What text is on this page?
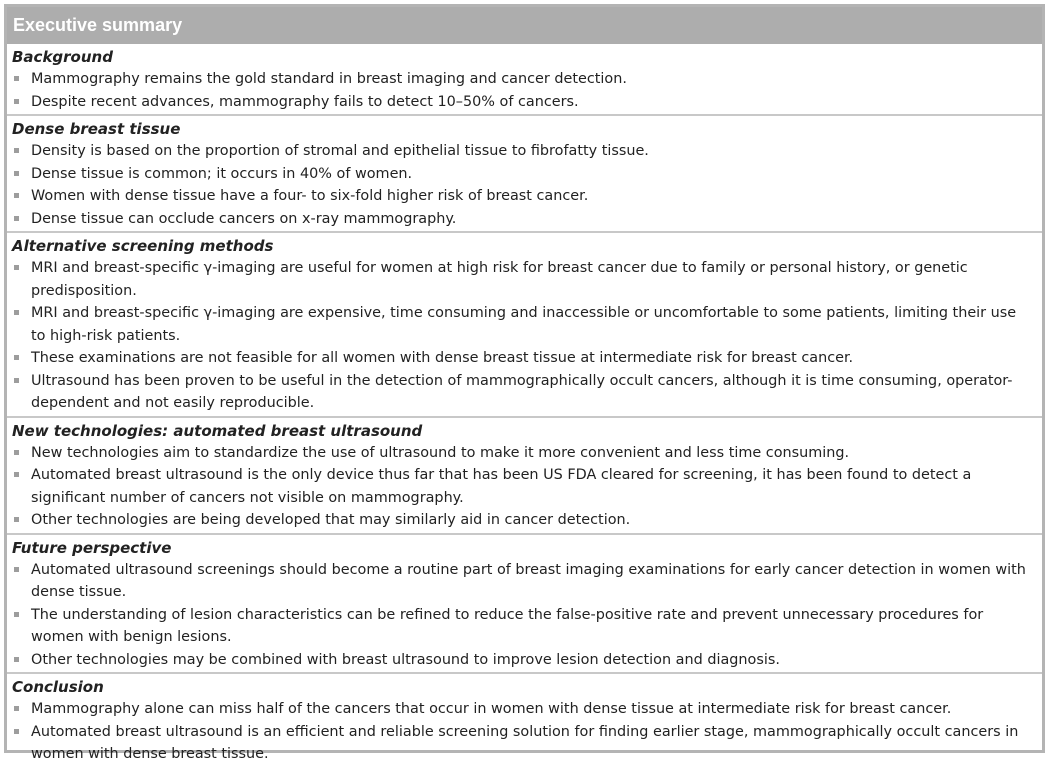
Executive summary
Background
Mammography remains the gold standard in breast imaging and cancer detection.
Despite recent advances, mammography fails to detect 10–50% of cancers.
Dense breast tissue
Density is based on the proportion of stromal and epithelial tissue to fibrofatty tissue.
Dense tissue is common; it occurs in 40% of women.
Women with dense tissue have a four- to six-fold higher risk of breast cancer.
Dense tissue can occlude cancers on x-ray mammography.
Alternative screening methods
MRI and breast-specific γ-imaging are useful for women at high risk for breast cancer due to family or personal history, or genetic predisposition.
MRI and breast-specific γ-imaging are expensive, time consuming and inaccessible or uncomfortable to some patients, limiting their use to high-risk patients.
These examinations are not feasible for all women with dense breast tissue at intermediate risk for breast cancer.
Ultrasound has been proven to be useful in the detection of mammographically occult cancers, although it is time consuming, operator-dependent and not easily reproducible.
New technologies: automated breast ultrasound
New technologies aim to standardize the use of ultrasound to make it more convenient and less time consuming.
Automated breast ultrasound is the only device thus far that has been US FDA cleared for screening, it has been found to detect a significant number of cancers not visible on mammography.
Other technologies are being developed that may similarly aid in cancer detection.
Future perspective
Automated ultrasound screenings should become a routine part of breast imaging examinations for early cancer detection in women with dense tissue.
The understanding of lesion characteristics can be refined to reduce the false-positive rate and prevent unnecessary procedures for women with benign lesions.
Other technologies may be combined with breast ultrasound to improve lesion detection and diagnosis.
Conclusion
Mammography alone can miss half of the cancers that occur in women with dense tissue at intermediate risk for breast cancer.
Automated breast ultrasound is an efficient and reliable screening solution for finding earlier stage, mammographically occult cancers in women with dense breast tissue.
